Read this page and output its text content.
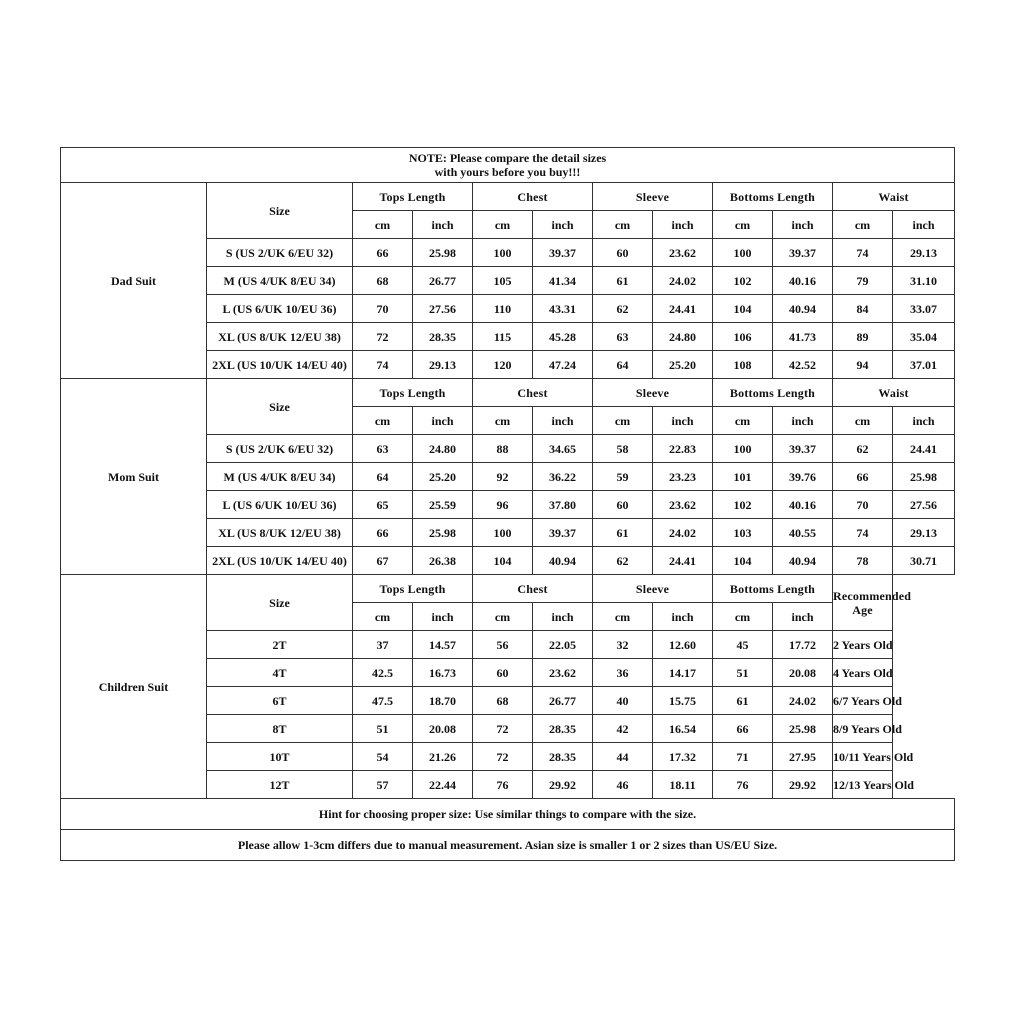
NOTE: Please compare the detail sizes
with yours before you buy!!!											

Dad Suit	Size	Tops Length		Chest		Sleeve		Bottoms Length		Waist	
		cm	inch	cm	inch	cm	inch	cm	inch	cm	inch
	S (US 2/UK 6/EU 32)	66	25.98	100	39.37	60	23.62	100	39.37	74	29.13
	M (US 4/UK 8/EU 34)	68	26.77	105	41.34	61	24.02	102	40.16	79	31.10
	L (US 6/UK 10/EU 36)	70	27.56	110	43.31	62	24.41	104	40.94	84	33.07
	XL (US 8/UK 12/EU 38)	72	28.35	115	45.28	63	24.80	106	41.73	89	35.04
	2XL (US 10/UK 14/EU 40)	74	29.13	120	47.24	64	25.20	108	42.52	94	37.01
Mom Suit	Size	Tops Length		Chest		Sleeve		Bottoms Length		Waist	
		cm	inch	cm	inch	cm	inch	cm	inch	cm	inch
	S (US 2/UK 6/EU 32)	63	24.80	88	34.65	58	22.83	100	39.37	62	24.41
	M (US 4/UK 8/EU 34)	64	25.20	92	36.22	59	23.23	101	39.76	66	25.98
	L (US 6/UK 10/EU 36)	65	25.59	96	37.80	60	23.62	102	40.16	70	27.56
	XL (US 8/UK 12/EU 38)	66	25.98	100	39.37	61	24.02	103	40.55	74	29.13
	2XL (US 10/UK 14/EU 40)	67	26.38	104	40.94	62	24.41	104	40.94	78	30.71
Children Suit	Size	Tops Length		Chest		Sleeve		Bottoms Length		Recommended
Age	

		cm	inch	cm	inch	cm	inch	cm	inch		
	2T	37	14.57	56	22.05	32	12.60	45	17.72	2 Years Old	
	4T	42.5	16.73	60	23.62	36	14.17	51	20.08	4 Years Old	
	6T	47.5	18.70	68	26.77	40	15.75	61	24.02	6/7 Years Old	
	8T	51	20.08	72	28.35	42	16.54	66	25.98	8/9 Years Old	
	10T	54	21.26	72	28.35	44	17.32	71	27.95	10/11 Years Old	
	12T	57	22.44	76	29.92	46	18.11	76	29.92	12/13 Years Old	
Hint for choosing proper size: Use similar things to compare with the size.											
Please allow 1-3cm differs due to manual measurement. Asian size is smaller 1 or 2 sizes than US/EU Size.											
